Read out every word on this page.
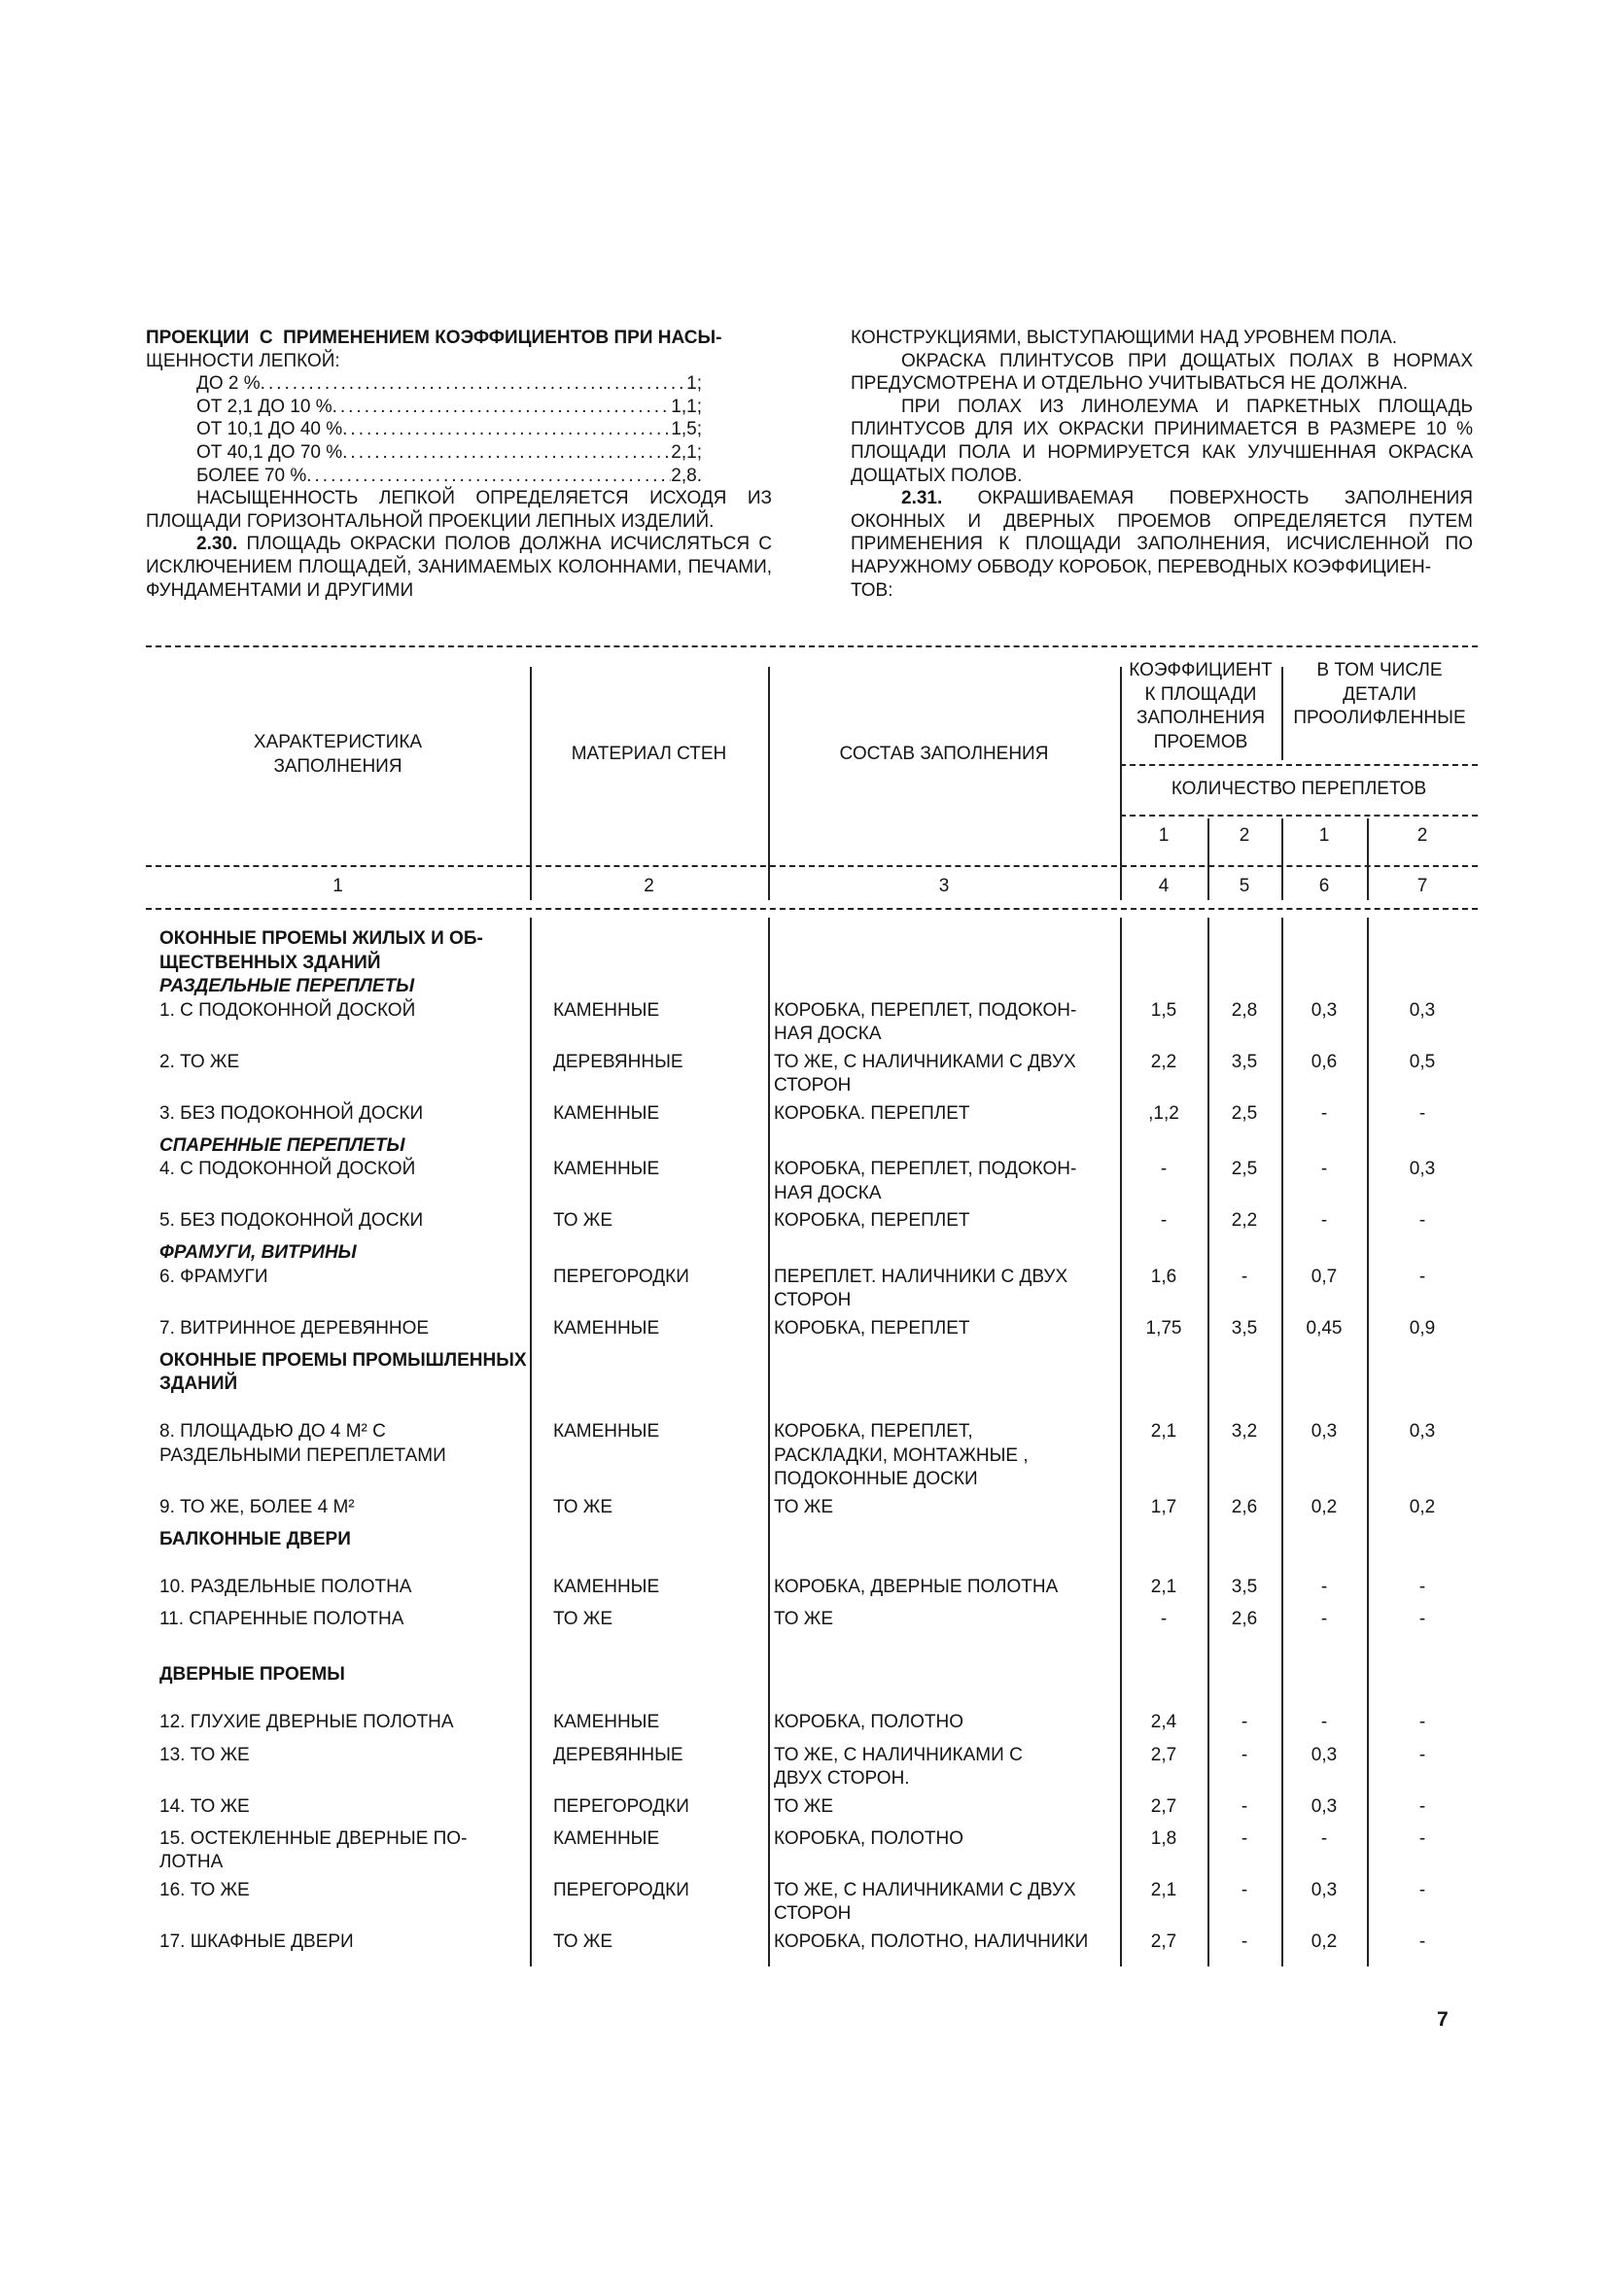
ПРОЕКЦИИ  С  ПРИМЕНЕНИЕМ КОЭФФИЦИЕНТОВ ПРИ НАСЫ-
ЩЕННОСТИ ЛЕПКОЙ:
ДО 2 % .....	1;
ОТ 2,1 ДО 10 % .....	1,1;
ОТ 10,1 ДО 40 % .....	1,5;
ОТ 40,1 ДО 70 % .....	2,1;
БОЛЕЕ 70 % .....	2,8.
НАСЫЩЕННОСТЬ ЛЕПКОЙ ОПРЕДЕЛЯЕТСЯ ИСХОДЯ ИЗ ПЛОЩАДИ ГОРИЗОНТАЛЬНОЙ ПРОЕКЦИИ ЛЕПНЫХ ИЗДЕЛИЙ.
2.30. ПЛОЩАДЬ ОКРАСКИ ПОЛОВ ДОЛЖНА ИСЧИСЛЯТЬСЯ С ИСКЛЮЧЕНИЕМ ПЛОЩАДЕЙ, ЗАНИМАЕМЫХ КОЛОННАМИ, ПЕЧАМИ, ФУНДАМЕНТАМИ И ДРУГИМИ
КОНСТРУКЦИЯМИ, ВЫСТУПАЮЩИМИ НАД УРОВНЕМ ПОЛА.
ОКРАСКА ПЛИНТУСОВ ПРИ ДОЩАТЫХ ПОЛАХ В НОРМАХ ПРЕДУСМОТРЕНА И ОТДЕЛЬНО УЧИТЫВАТЬСЯ НЕ ДОЛЖНА.
ПРИ ПОЛАХ ИЗ ЛИНОЛЕУМА И ПАРКЕТНЫХ ПЛОЩАДЬ ПЛИНТУСОВ ДЛЯ ИХ ОКРАСКИ ПРИНИМАЕТСЯ В РАЗМЕРЕ 10 % ПЛОЩАДИ ПОЛА И НОРМИРУЕТСЯ КАК УЛУЧШЕННАЯ ОКРАСКА ДОЩАТЫХ ПОЛОВ.
2.31. ОКРАШИВАЕМАЯ ПОВЕРХНОСТЬ ЗАПОЛНЕНИЯ ОКОННЫХ И ДВЕРНЫХ ПРОЕМОВ ОПРЕДЕЛЯЕТСЯ ПУТЕМ ПРИМЕНЕНИЯ К ПЛОЩАДИ ЗАПОЛНЕНИЯ, ИСЧИСЛЕННОЙ ПО НАРУЖНОМУ ОБВОДУ КОРОБОК, ПЕРЕВОДНЫХ КОЭФФИЦИЕН-
ТОВ:
ХАРАКТЕРИСТИКА
ЗАПОЛНЕНИЯ
МАТЕРИАЛ СТЕН	СОСТАВ ЗАПОЛНЕНИЯ
КОЭФФИЦИЕНТ
К ПЛОЩАДИ
ЗАПОЛНЕНИЯ
ПРОЕМОВ
В ТОМ ЧИСЛЕ
ДЕТАЛИ
ПРООЛИФЛЕННЫЕ
КОЛИЧЕСТВО ПЕРЕПЛЕТОВ
1	2	1	2
1	2	3	4	5	6	7
ОКОННЫЕ ПРОЕМЫ ЖИЛЫХ И ОБ-
ЩЕСТВЕННЫХ ЗДАНИЙ
РАЗДЕЛЬНЫЕ ПЕРЕПЛЕТЫ
1. С ПОДОКОННОЙ ДОСКОЙ	КАМЕННЫЕ	КОРОБКА, ПЕРЕПЛЕТ, ПОДОКОН-
НАЯ ДОСКА
1,5	2,8	0,3	0,3
2. ТО ЖЕ	ДЕРЕВЯННЫЕ	ТО ЖЕ, С НАЛИЧНИКАМИ С ДВУХ
СТОРОН
2,2	3,5	0,6	0,5
3. БЕЗ ПОДОКОННОЙ ДОСКИ	КАМЕННЫЕ	КОРОБКА. ПЕРЕПЛЕТ	,1,2	2,5	-	-
СПАРЕННЫЕ ПЕРЕПЛЕТЫ
4. С ПОДОКОННОЙ ДОСКОЙ	КАМЕННЫЕ	КОРОБКА, ПЕРЕПЛЕТ, ПОДОКОН-
НАЯ ДОСКА
-	2,5	-	0,3
5. БЕЗ ПОДОКОННОЙ ДОСКИ	ТО ЖЕ	КОРОБКА, ПЕРЕПЛЕТ	-	2,2	-	-
ФРАМУГИ, ВИТРИНЫ
6. ФРАМУГИ	ПЕРЕГОРОДКИ	ПЕРЕПЛЕТ. НАЛИЧНИКИ С ДВУХ
СТОРОН
1,6	-	0,7	-
7. ВИТРИННОЕ ДЕРЕВЯННОЕ	КАМЕННЫЕ	КОРОБКА, ПЕРЕПЛЕТ	1,75	3,5	0,45	0,9
ОКОННЫЕ ПРОЕМЫ ПРОМЫШЛЕННЫХ
ЗДАНИЙ
8. ПЛОЩАДЬЮ ДО 4 М² С
РАЗДЕЛЬНЫМИ ПЕРЕПЛЕТАМИ
КАМЕННЫЕ	КОРОБКА, ПЕРЕПЛЕТ,
РАСКЛАДКИ, МОНТАЖНЫЕ ,
ПОДОКОННЫЕ ДОСКИ
2,1	3,2	0,3	0,3
9. ТО ЖЕ, БОЛЕЕ 4 М²	ТО ЖЕ	ТО ЖЕ	1,7	2,6	0,2	0,2
БАЛКОННЫЕ ДВЕРИ
10. РАЗДЕЛЬНЫЕ ПОЛОТНА	КАМЕННЫЕ	КОРОБКА, ДВЕРНЫЕ ПОЛОТНА	2,1	3,5	-	-
11. СПАРЕННЫЕ ПОЛОТНА	ТО ЖЕ	ТО ЖЕ	-	2,6	-	-
ДВЕРНЫЕ ПРОЕМЫ
12. ГЛУХИЕ ДВЕРНЫЕ ПОЛОТНА	КАМЕННЫЕ	КОРОБКА, ПОЛОТНО	2,4	-	-	-
13. ТО ЖЕ	ДЕРЕВЯННЫЕ	ТО ЖЕ, С НАЛИЧНИКАМИ С
ДВУХ СТОРОН.
2,7	-	0,3	-
14. ТО ЖЕ	ПЕРЕГОРОДКИ	ТО ЖЕ	2,7	-	0,3	-
15. ОСТЕКЛЕННЫЕ ДВЕРНЫЕ ПО-
ЛОТНА
КАМЕННЫЕ	КОРОБКА, ПОЛОТНО	1,8	-	-	-
16. ТО ЖЕ	ПЕРЕГОРОДКИ	ТО ЖЕ, С НАЛИЧНИКАМИ С ДВУХ
СТОРОН
2,1	-	0,3	-
17. ШКАФНЫЕ ДВЕРИ	ТО ЖЕ	КОРОБКА, ПОЛОТНО, НАЛИЧНИКИ	2,7	-	0,2	-
7
